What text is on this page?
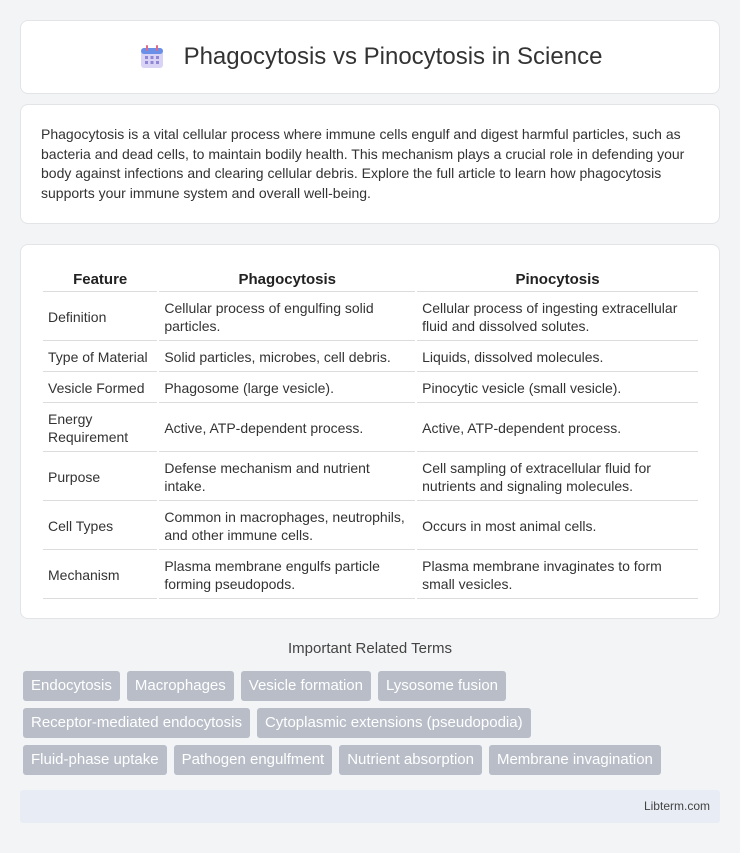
Phagocytosis vs Pinocytosis in Science

Phagocytosis is a vital cellular process where immune cells engulf and digest harmful particles, such as bacteria and dead cells, to maintain bodily health. This mechanism plays a crucial role in defending your body against infections and clearing cellular debris. Explore the full article to learn how phagocytosis supports your immune system and overall well-being.

Feature	Phagocytosis	Pinocytosis
Definition	Cellular process of engulfing solid particles.	Cellular process of ingesting extracellular fluid and dissolved solutes.
Type of Material	Solid particles, microbes, cell debris.	Liquids, dissolved molecules.
Vesicle Formed	Phagosome (large vesicle).	Pinocytic vesicle (small vesicle).
Energy Requirement	Active, ATP-dependent process.	Active, ATP-dependent process.
Purpose	Defense mechanism and nutrient intake.	Cell sampling of extracellular fluid for nutrients and signaling molecules.
Cell Types	Common in macrophages, neutrophils, and other immune cells.	Occurs in most animal cells.
Mechanism	Plasma membrane engulfs particle forming pseudopods.	Plasma membrane invaginates to form small vesicles.
Important Related Terms
Endocytosis	Macrophages	Vesicle formation	Lysosome fusion
Receptor-mediated endocytosis	Cytoplasmic extensions (pseudopodia)
Fluid-phase uptake	Pathogen engulfment	Nutrient absorption	Membrane invagination
Libterm.com
